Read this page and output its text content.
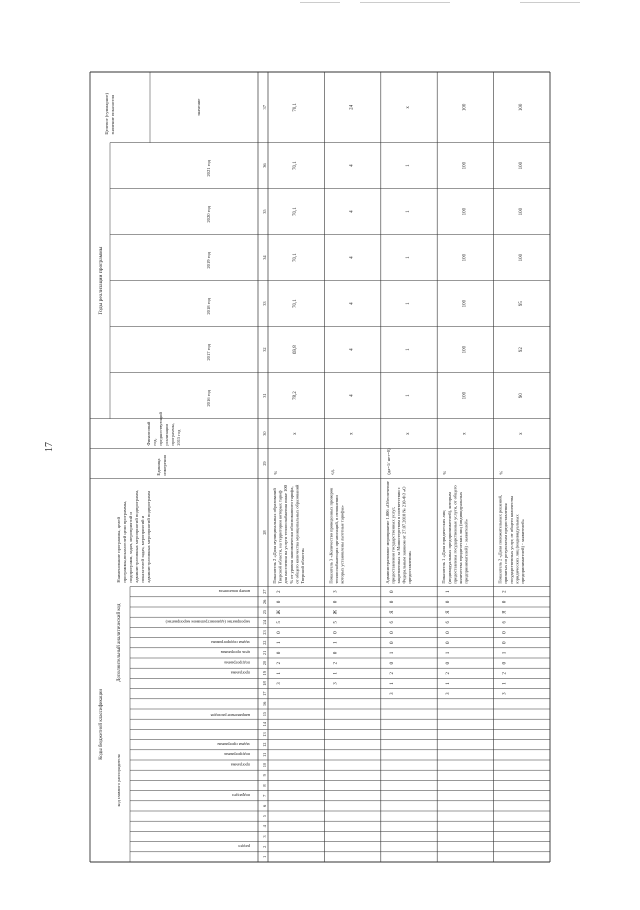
17
Коды бюджетной классификации
код главного распорядителя
Дополнительный аналитический код
Годы реализации программы
раздел
подраздел
программа
подпрограмма
задача программы
программа
подпрограмма
цель программы
задача подпрограммы
мероприятие (административное мероприятие)
номер показателя
направление расходов
Наименование программы, целейпрограммы,показателей цели программы,подпрограмм, задач, мероприятий иадминистративных мероприятий подпрограмм,показателей задач, мероприятий иадминистративных мероприятий подпрограмм
Единицаизмерения
Финансовыйгод,предшествующийреализациипрограммы,2015 год
2016 год
2017 год
2018 год
2019 год
2020 год
2021 год
Целевое (суммарное)значение показателя	значение
1
2
3
4
5
6
7
8
9
10
11
12
13
14
15
16
17
18
19
20
21
22
23
24
25
26
27
28
29
30
31
32
33
34
35
36
37
3
1
2
0
1
0
5
Ж
0
2
Показатель 2 «Доля муниципальных образованийТверской области, на территории которых тарифдля населения на услуги теплоснабжения ниже 100% от уровня экономически обоснованного тарифа,от общего количества муниципальных образованийТверской области»
%
х
78,2
69,8
70,1
70,1
70,1
70,1
70,1
3
1
2
0
1
0
5
Ж
0
3
Показатель 3 «Количество проведенных провероктеплоснабжающих организаций, в отношениикоторых установлены льготные тарифы»
ед.
х
4
4
4
4
4
4
24
3
1
2
0
1
0
0
6
Я
0
0
Административное мероприятие 1.006 «Обеспечениепредоставления государственных услуг,закрепленных за Министерством в соответствии сФедеральным законом от 27.07.2010 № 210-ФЗ «Опредоставлении»
(да=1/ нет=0)
х
1
1
1
1
1
1
х
3
1
2
0
1
0
0
6
Я
0
1
Показатель 1 «Доля юридических лиц(индивидуальных предпринимателей), которымпредоставлены государственные услуги, от общегоколичества юридических лиц (индивидуальныхпредпринимателей) - заявителей»
%
х
100
100
100
100
100
100
100
3
1
2
0
1
0
0
6
Я
0
2
Показатель 2 «Доля положительных решений,принятых по результатам предоставлениягосударственных услуг, от общего количестваюридических лиц (индивидуальныхпредпринимателей) - заявителей»
%
х
90
92
95
100
100
100
100
